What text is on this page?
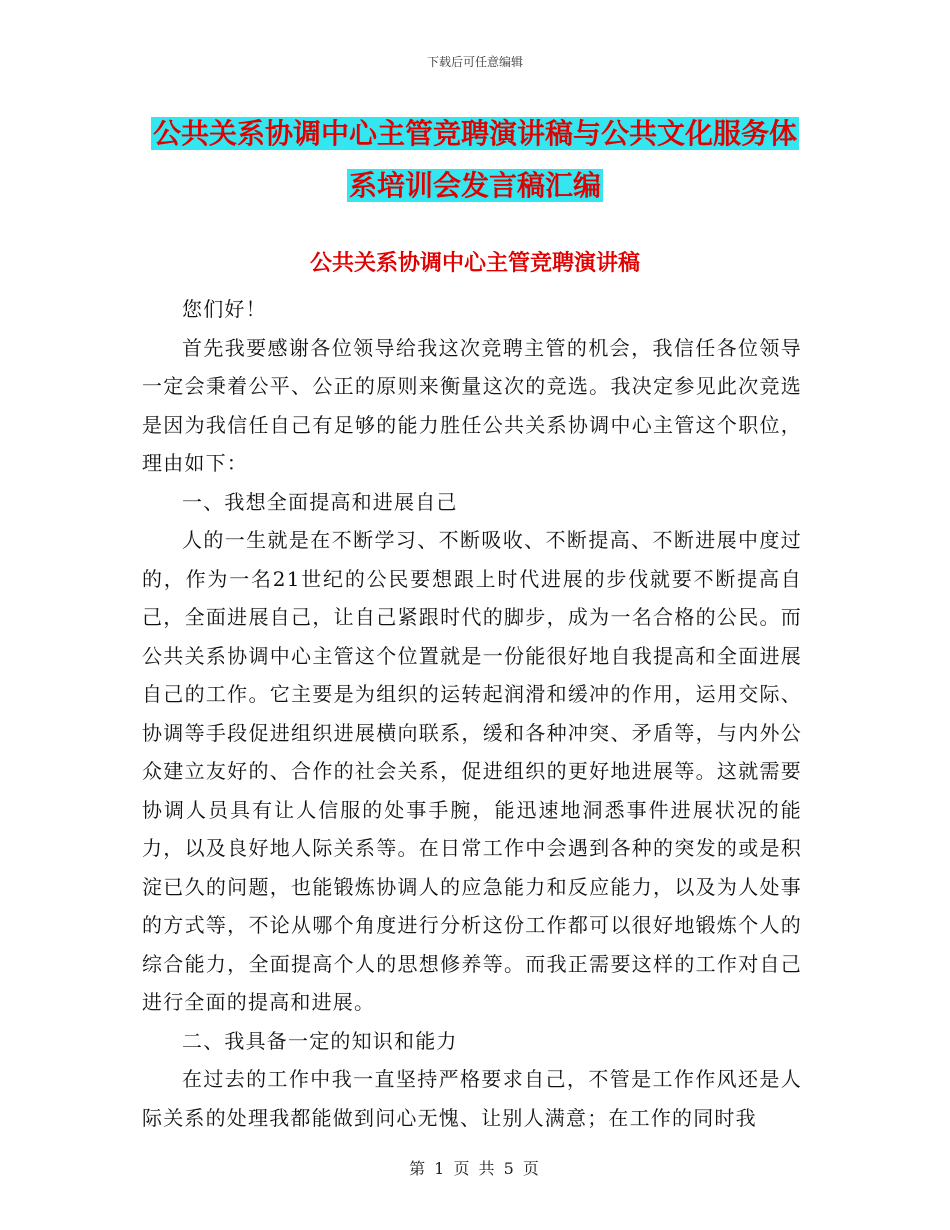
下载后可任意编辑
公共关系协调中心主管竞聘演讲稿与公共文化服务体
系培训会发言稿汇编
公共关系协调中心主管竞聘演讲稿

您们好！

首先我要感谢各位领导给我这次竞聘主管的机会，我信任各位领导一定会秉着公平、公正的原则来衡量这次的竞选。我决定参见此次竞选是因为我信任自己有足够的能力胜任公共关系协调中心主管这个职位，理由如下：

一、我想全面提高和进展自己

人的一生就是在不断学习、不断吸收、不断提高、不断进展中度过的，作为一名21世纪的公民要想跟上时代进展的步伐就要不断提高自己，全面进展自己，让自己紧跟时代的脚步，成为一名合格的公民。而公共关系协调中心主管这个位置就是一份能很好地自我提高和全面进展自己的工作。它主要是为组织的运转起润滑和缓冲的作用，运用交际、协调等手段促进组织进展横向联系，缓和各种冲突、矛盾等，与内外公众建立友好的、合作的社会关系，促进组织的更好地进展等。这就需要协调人员具有让人信服的处事手腕，能迅速地洞悉事件进展状况的能力，以及良好地人际关系等。在日常工作中会遇到各种的突发的或是积淀已久的问题，也能锻炼协调人的应急能力和反应能力，以及为人处事的方式等，不论从哪个角度进行分析这份工作都可以很好地锻炼个人的综合能力，全面提高个人的思想修养等。而我正需要这样的工作对自己进行全面的提高和进展。

二、我具备一定的知识和能力

在过去的工作中我一直坚持严格要求自己，不管是工作作风还是人际关系的处理我都能做到问心无愧、让别人满意；在工作的同时我

第 1 页 共 5 页
